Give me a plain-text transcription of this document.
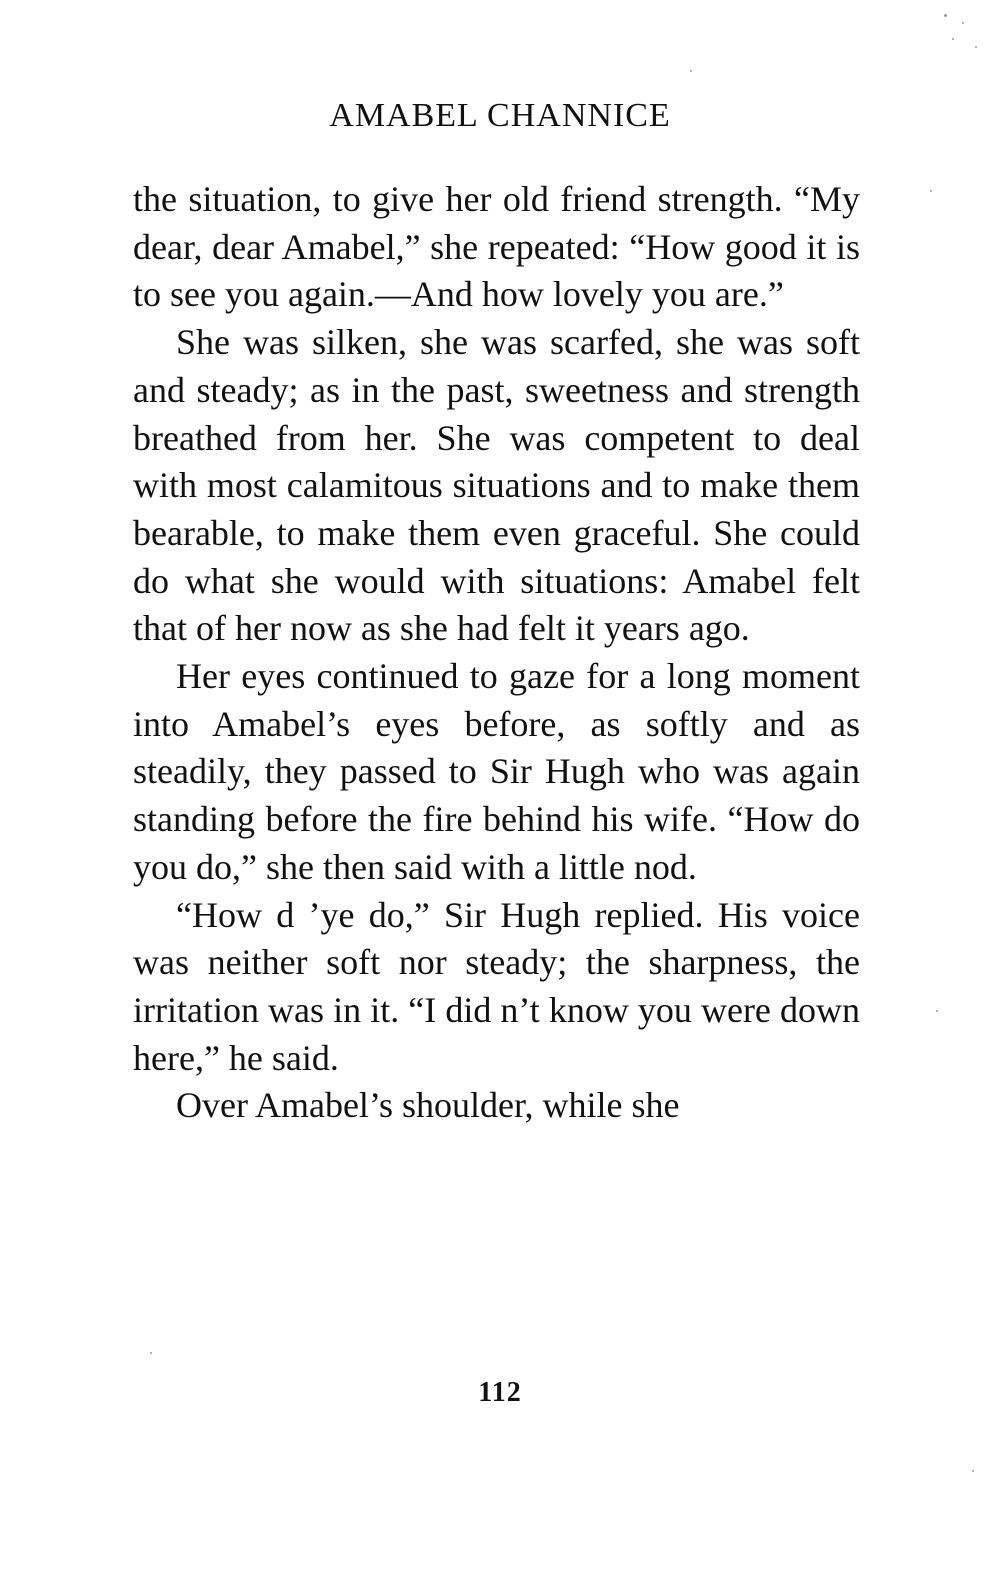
AMABEL CHANNICE

the situation, to give her old friend strength. “My dear, dear Amabel,” she repeated: “How good it is to see you again.—And how lovely you are.”

She was silken, she was scarfed, she was soft and steady; as in the past, sweetness and strength breathed from her. She was competent to deal with most calamitous situations and to make them bearable, to make them even graceful. She could do what she would with situations: Amabel felt that of her now as she had felt it years ago.

Her eyes continued to gaze for a long moment into Amabel’s eyes before, as softly and as steadily, they passed to Sir Hugh who was again standing before the fire behind his wife. “How do you do,” she then said with a little nod.

“How d ’ye do,” Sir Hugh replied. His voice was neither soft nor steady; the sharpness, the irritation was in it. “I did n’t know you were down here,” he said.

Over Amabel’s shoulder, while she

112
